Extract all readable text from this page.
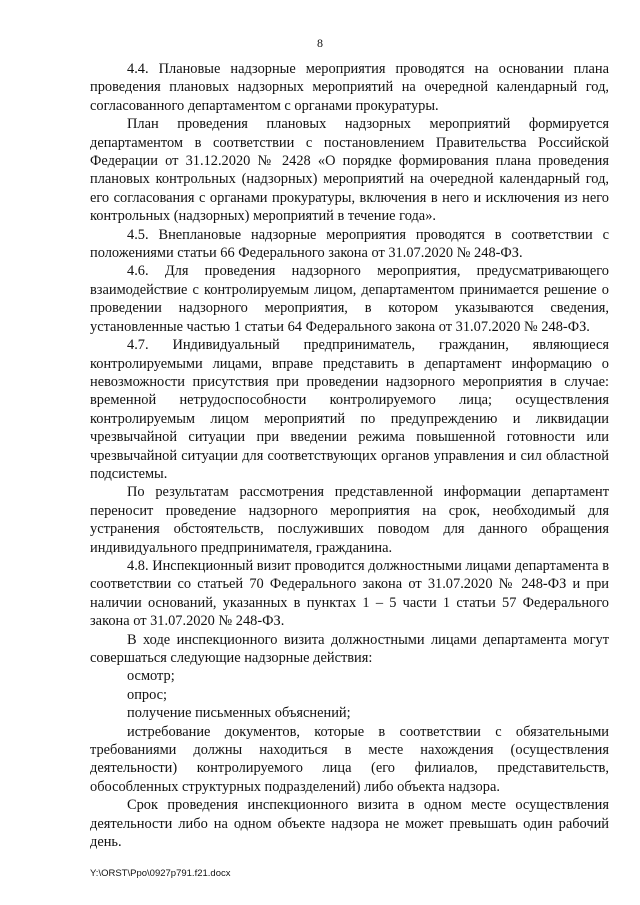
8

4.4. Плановые надзорные мероприятия проводятся на основании плана проведения плановых надзорных мероприятий на очередной календарный год, согласованного департаментом с органами прокуратуры.

План проведения плановых надзорных мероприятий формируется департаментом в соответствии с постановлением Правительства Российской Федерации от 31.12.2020 № 2428 «О порядке формирования плана проведения плановых контрольных (надзорных) мероприятий на очередной календарный год, его согласования с органами прокуратуры, включения в него и исключения из него контрольных (надзорных) мероприятий в течение года».

4.5. Внеплановые надзорные мероприятия проводятся в соответствии с положениями статьи 66 Федерального закона от 31.07.2020 № 248-ФЗ.

4.6. Для проведения надзорного мероприятия, предусматривающего взаимодействие с контролируемым лицом, департаментом принимается решение о проведении надзорного мероприятия, в котором указываются сведения, установленные частью 1 статьи 64 Федерального закона от 31.07.2020 № 248-ФЗ.

4.7. Индивидуальный предприниматель, гражданин, являющиеся контролируемыми лицами, вправе представить в департамент информацию о невозможности присутствия при проведении надзорного мероприятия в случае: временной нетрудоспособности контролируемого лица; осуществления контролируемым лицом мероприятий по предупреждению и ликвидации чрезвычайной ситуации при введении режима повышенной готовности или чрезвычайной ситуации для соответствующих органов управления и сил областной подсистемы.

По результатам рассмотрения представленной информации департамент переносит проведение надзорного мероприятия на срок, необходимый для устранения обстоятельств, послуживших поводом для данного обращения индивидуального предпринимателя, гражданина.

4.8. Инспекционный визит проводится должностными лицами департамента в соответствии со статьей 70 Федерального закона от 31.07.2020 № 248-ФЗ и при наличии оснований, указанных в пунктах 1 – 5 части 1 статьи 57 Федерального закона от 31.07.2020 № 248-ФЗ.

В ходе инспекционного визита должностными лицами департамента могут совершаться следующие надзорные действия:

осмотр;

опрос;

получение письменных объяснений;

истребование документов, которые в соответствии с обязательными требованиями должны находиться в месте нахождения (осуществления деятельности) контролируемого лица (его филиалов, представительств, обособленных структурных подразделений) либо объекта надзора.

Срок проведения инспекционного визита в одном месте осуществления деятельности либо на одном объекте надзора не может превышать один рабочий день.

Y:\ORST\Ppo\0927p791.f21.docx
